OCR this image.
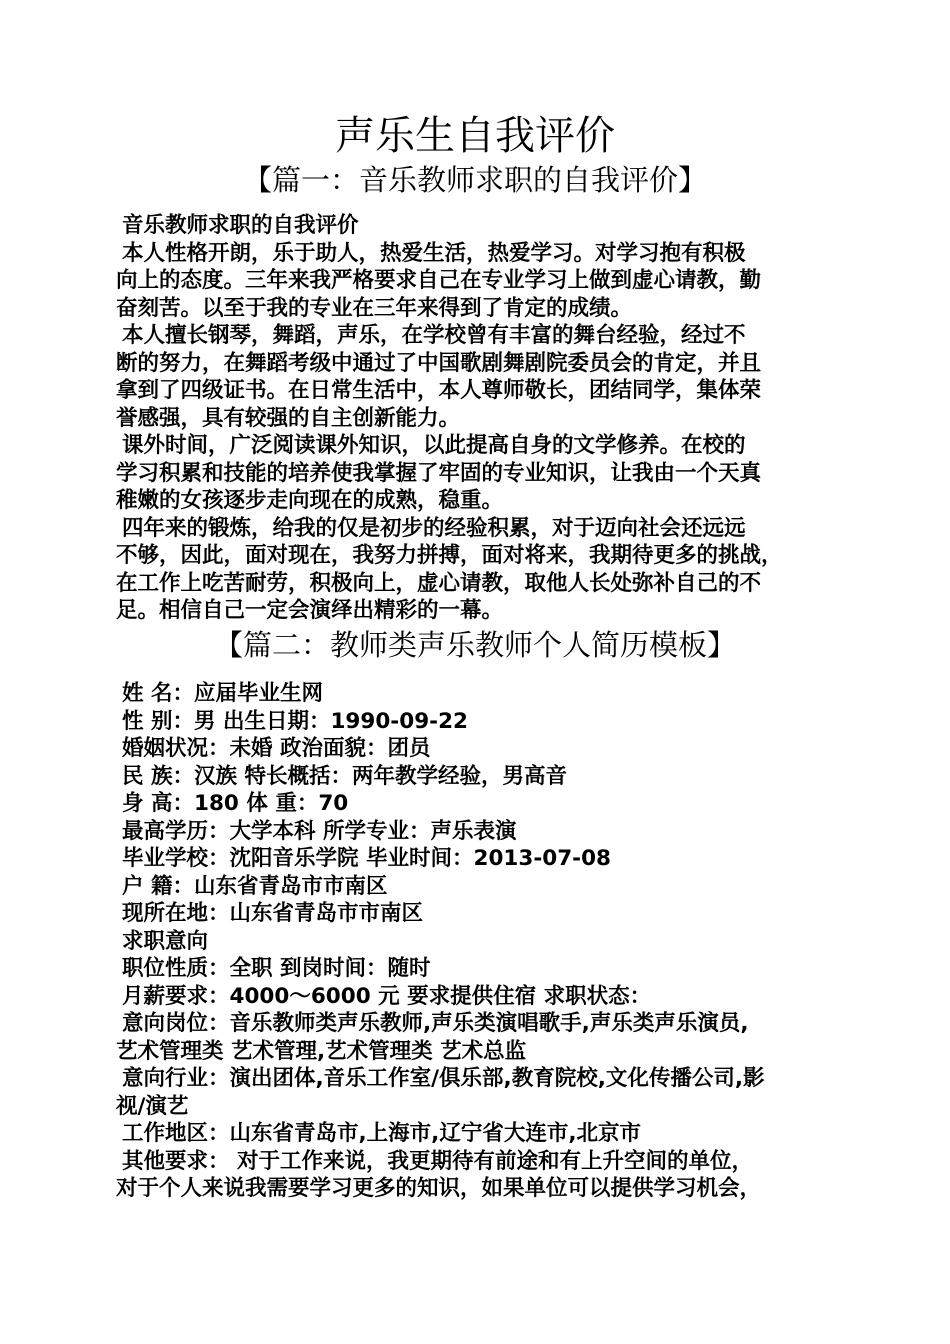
声乐生自我评价
【篇一：音乐教师求职的自我评价】
音乐教师求职的自我评价
本人性格开朗，乐于助人，热爱生活，热爱学习。对学习抱有积极
向上的态度。三年来我严格要求自己在专业学习上做到虚心请教，勤
奋刻苦。以至于我的专业在三年来得到了肯定的成绩。
本人擅长钢琴，舞蹈，声乐，在学校曾有丰富的舞台经验，经过不
断的努力，在舞蹈考级中通过了中国歌剧舞剧院委员会的肯定，并且
拿到了四级证书。在日常生活中，本人尊师敬长，团结同学，集体荣
誉感强，具有较强的自主创新能力。
课外时间，广泛阅读课外知识，以此提高自身的文学修养。在校的
学习积累和技能的培养使我掌握了牢固的专业知识，让我由一个天真
稚嫩的女孩逐步走向现在的成熟，稳重。
四年来的锻炼，给我的仅是初步的经验积累，对于迈向社会还远远
不够，因此，面对现在，我努力拼搏，面对将来，我期待更多的挑战，
在工作上吃苦耐劳，积极向上，虚心请教，取他人长处弥补自己的不
足。相信自己一定会演绎出精彩的一幕。
【篇二：教师类声乐教师个人简历模板】
姓 名：应届毕业生网
性 别：男 出生日期：1990-09-22
婚姻状况：未婚 政治面貌：团员
民 族：汉族 特长概括：两年教学经验，男高音
身 高：180 体 重：70
最高学历：大学本科 所学专业：声乐表演
毕业学校：沈阳音乐学院 毕业时间：2013-07-08
户 籍：山东省青岛市市南区
现所在地：山东省青岛市市南区
求职意向
职位性质：全职 到岗时间：随时
月薪要求：4000～6000 元 要求提供住宿 求职状态：
意向岗位：音乐教师类声乐教师,声乐类演唱歌手,声乐类声乐演员,
艺术管理类 艺术管理,艺术管理类 艺术总监
意向行业：演出团体,音乐工作室/俱乐部,教育院校,文化传播公司,影
视/演艺
工作地区：山东省青岛市,上海市,辽宁省大连市,北京市
其他要求： 对于工作来说，我更期待有前途和有上升空间的单位，
对于个人来说我需要学习更多的知识，如果单位可以提供学习机会，
